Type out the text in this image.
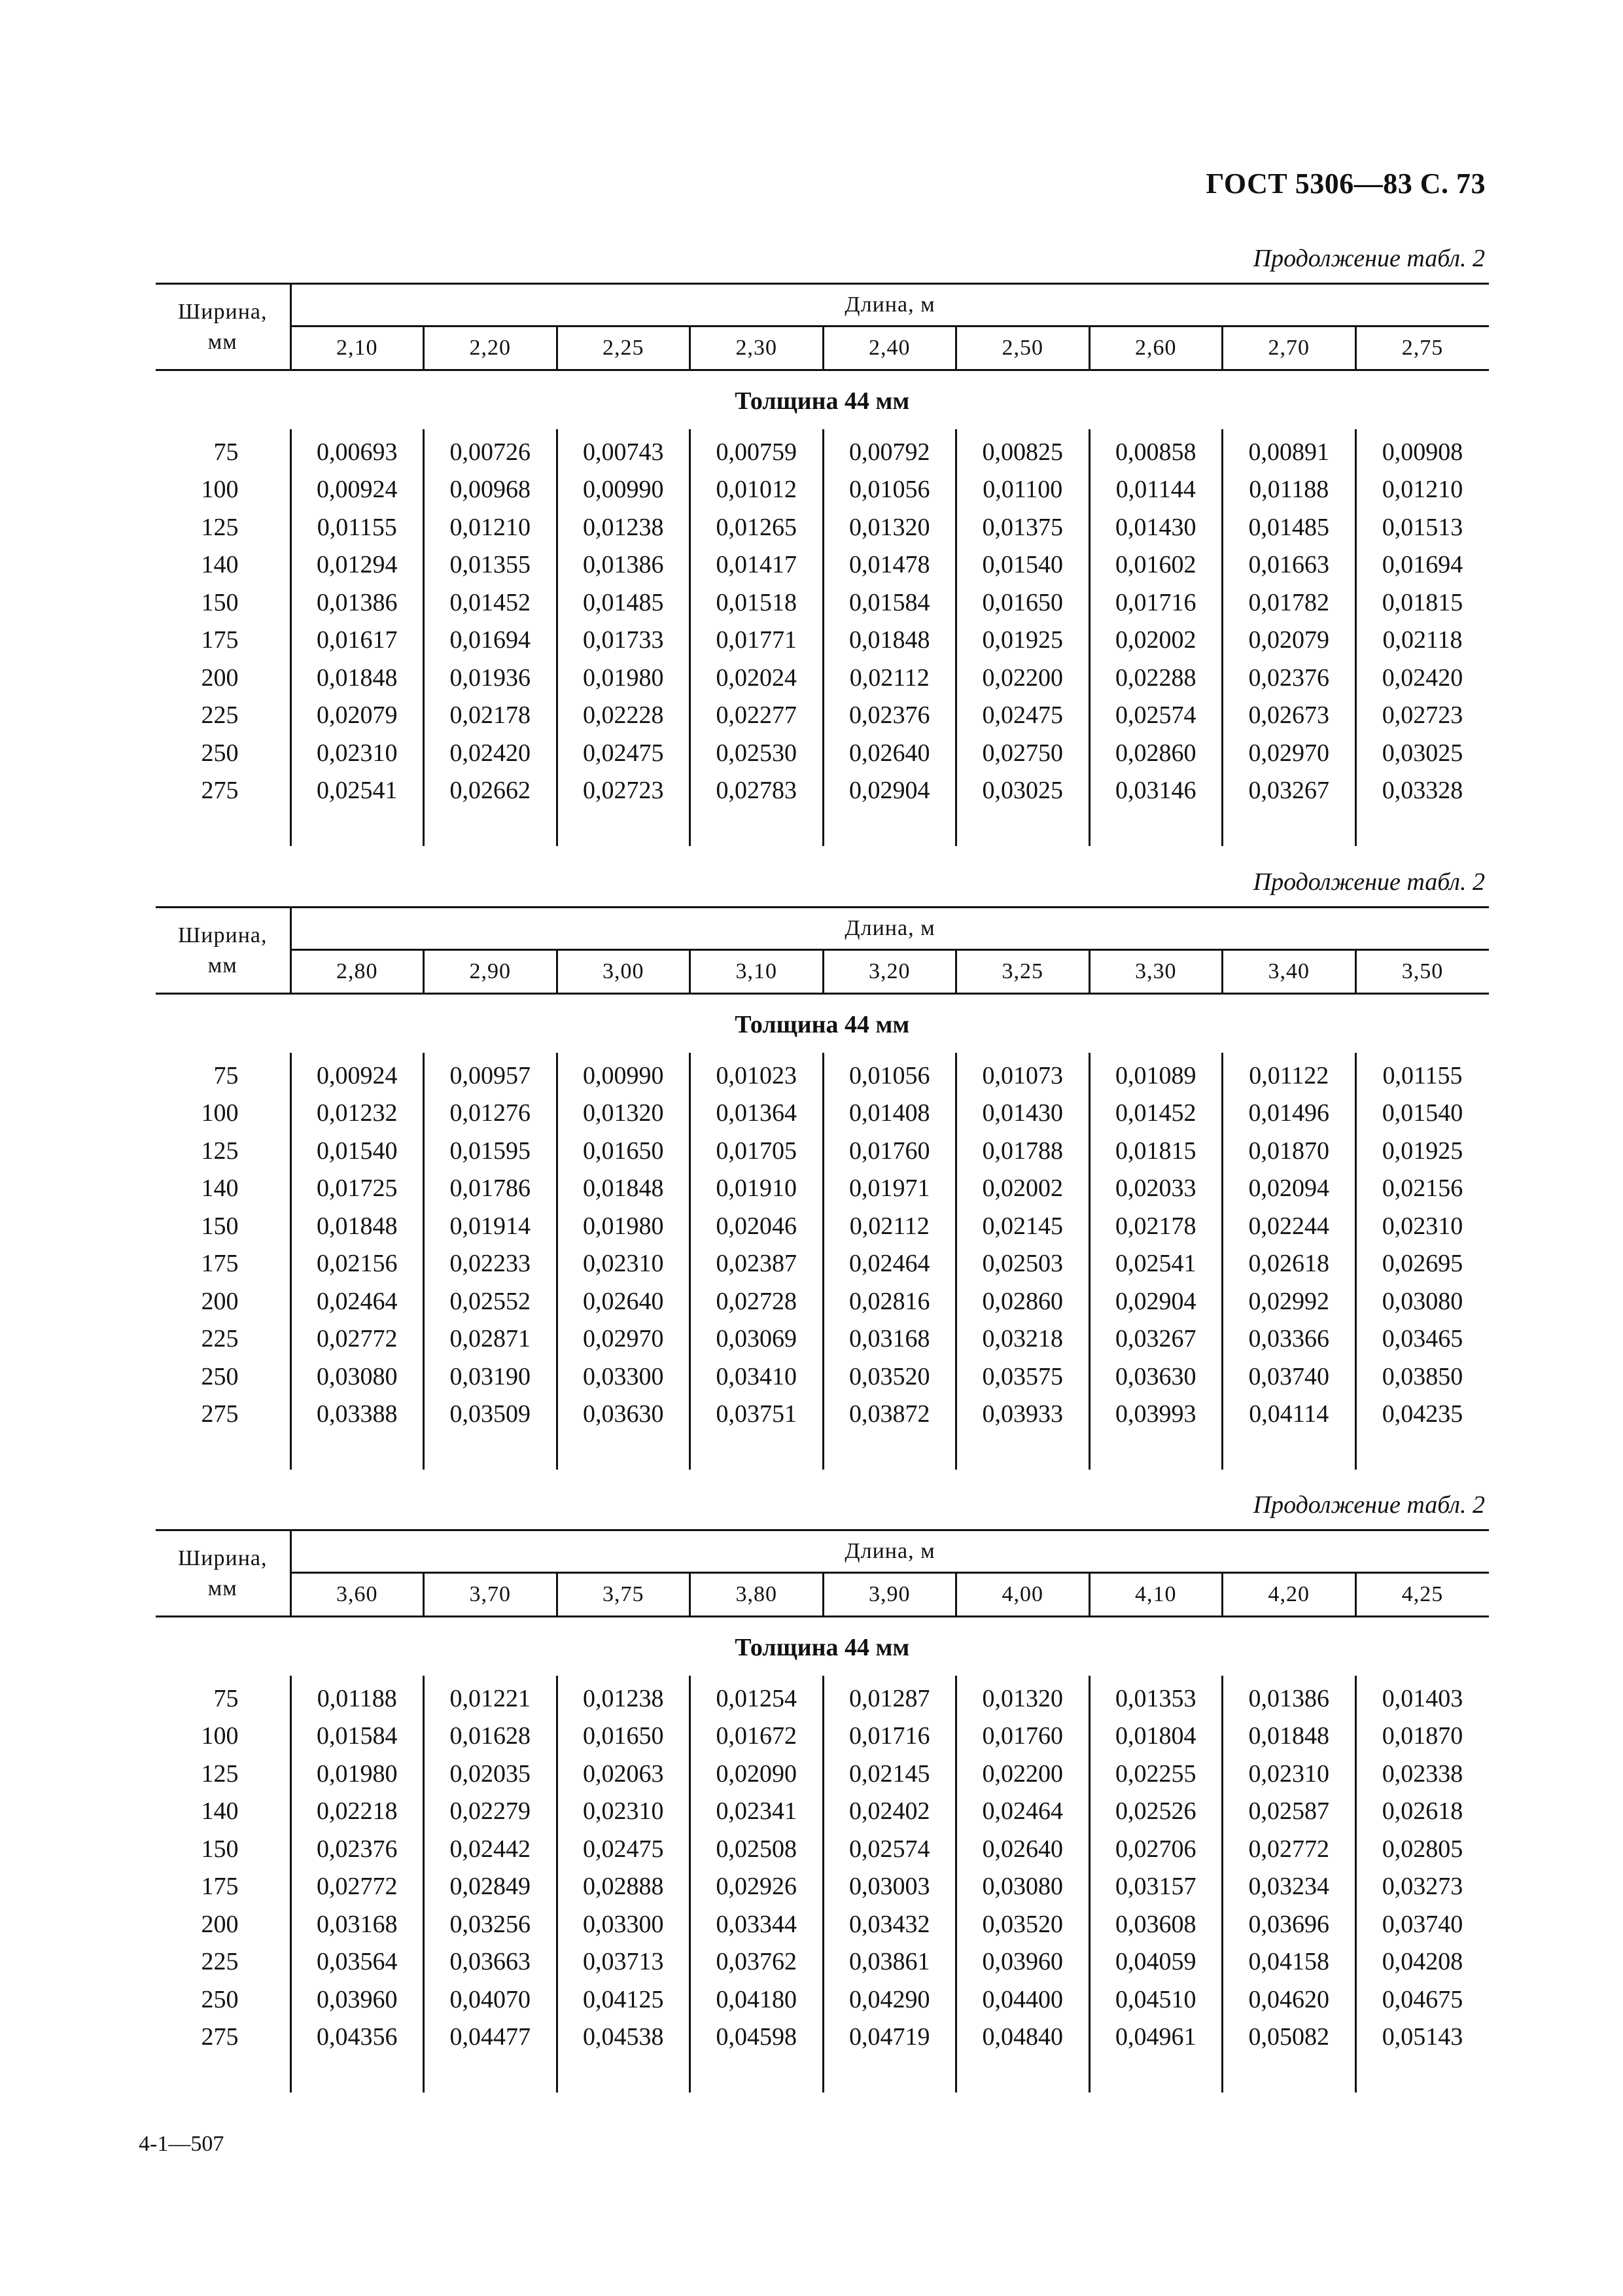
ГОСТ 5306—83 С. 73
Продолжение табл. 2
Ширина,
мм	Длина, м								
	2,10	2,20	2,25	2,30	2,40	2,50	2,60	2,70	2,75
Толщина 44 мм									
75	0,00693	0,00726	0,00743	0,00759	0,00792	0,00825	0,00858	0,00891	0,00908
100	0,00924	0,00968	0,00990	0,01012	0,01056	0,01100	0,01144	0,01188	0,01210
125	0,01155	0,01210	0,01238	0,01265	0,01320	0,01375	0,01430	0,01485	0,01513
140	0,01294	0,01355	0,01386	0,01417	0,01478	0,01540	0,01602	0,01663	0,01694
150	0,01386	0,01452	0,01485	0,01518	0,01584	0,01650	0,01716	0,01782	0,01815
175	0,01617	0,01694	0,01733	0,01771	0,01848	0,01925	0,02002	0,02079	0,02118
200	0,01848	0,01936	0,01980	0,02024	0,02112	0,02200	0,02288	0,02376	0,02420
225	0,02079	0,02178	0,02228	0,02277	0,02376	0,02475	0,02574	0,02673	0,02723
250	0,02310	0,02420	0,02475	0,02530	0,02640	0,02750	0,02860	0,02970	0,03025
275	0,02541	0,02662	0,02723	0,02783	0,02904	0,03025	0,03146	0,03267	0,03328

Продолжение табл. 2
Ширина,
мм	Длина, м								
	2,80	2,90	3,00	3,10	3,20	3,25	3,30	3,40	3,50
Толщина 44 мм									
75	0,00924	0,00957	0,00990	0,01023	0,01056	0,01073	0,01089	0,01122	0,01155
100	0,01232	0,01276	0,01320	0,01364	0,01408	0,01430	0,01452	0,01496	0,01540
125	0,01540	0,01595	0,01650	0,01705	0,01760	0,01788	0,01815	0,01870	0,01925
140	0,01725	0,01786	0,01848	0,01910	0,01971	0,02002	0,02033	0,02094	0,02156
150	0,01848	0,01914	0,01980	0,02046	0,02112	0,02145	0,02178	0,02244	0,02310
175	0,02156	0,02233	0,02310	0,02387	0,02464	0,02503	0,02541	0,02618	0,02695
200	0,02464	0,02552	0,02640	0,02728	0,02816	0,02860	0,02904	0,02992	0,03080
225	0,02772	0,02871	0,02970	0,03069	0,03168	0,03218	0,03267	0,03366	0,03465
250	0,03080	0,03190	0,03300	0,03410	0,03520	0,03575	0,03630	0,03740	0,03850
275	0,03388	0,03509	0,03630	0,03751	0,03872	0,03933	0,03993	0,04114	0,04235

Продолжение табл. 2
Ширина,
мм	Длина, м								
	3,60	3,70	3,75	3,80	3,90	4,00	4,10	4,20	4,25
Толщина 44 мм									
75	0,01188	0,01221	0,01238	0,01254	0,01287	0,01320	0,01353	0,01386	0,01403
100	0,01584	0,01628	0,01650	0,01672	0,01716	0,01760	0,01804	0,01848	0,01870
125	0,01980	0,02035	0,02063	0,02090	0,02145	0,02200	0,02255	0,02310	0,02338
140	0,02218	0,02279	0,02310	0,02341	0,02402	0,02464	0,02526	0,02587	0,02618
150	0,02376	0,02442	0,02475	0,02508	0,02574	0,02640	0,02706	0,02772	0,02805
175	0,02772	0,02849	0,02888	0,02926	0,03003	0,03080	0,03157	0,03234	0,03273
200	0,03168	0,03256	0,03300	0,03344	0,03432	0,03520	0,03608	0,03696	0,03740
225	0,03564	0,03663	0,03713	0,03762	0,03861	0,03960	0,04059	0,04158	0,04208
250	0,03960	0,04070	0,04125	0,04180	0,04290	0,04400	0,04510	0,04620	0,04675
275	0,04356	0,04477	0,04538	0,04598	0,04719	0,04840	0,04961	0,05082	0,05143

4-1—507
